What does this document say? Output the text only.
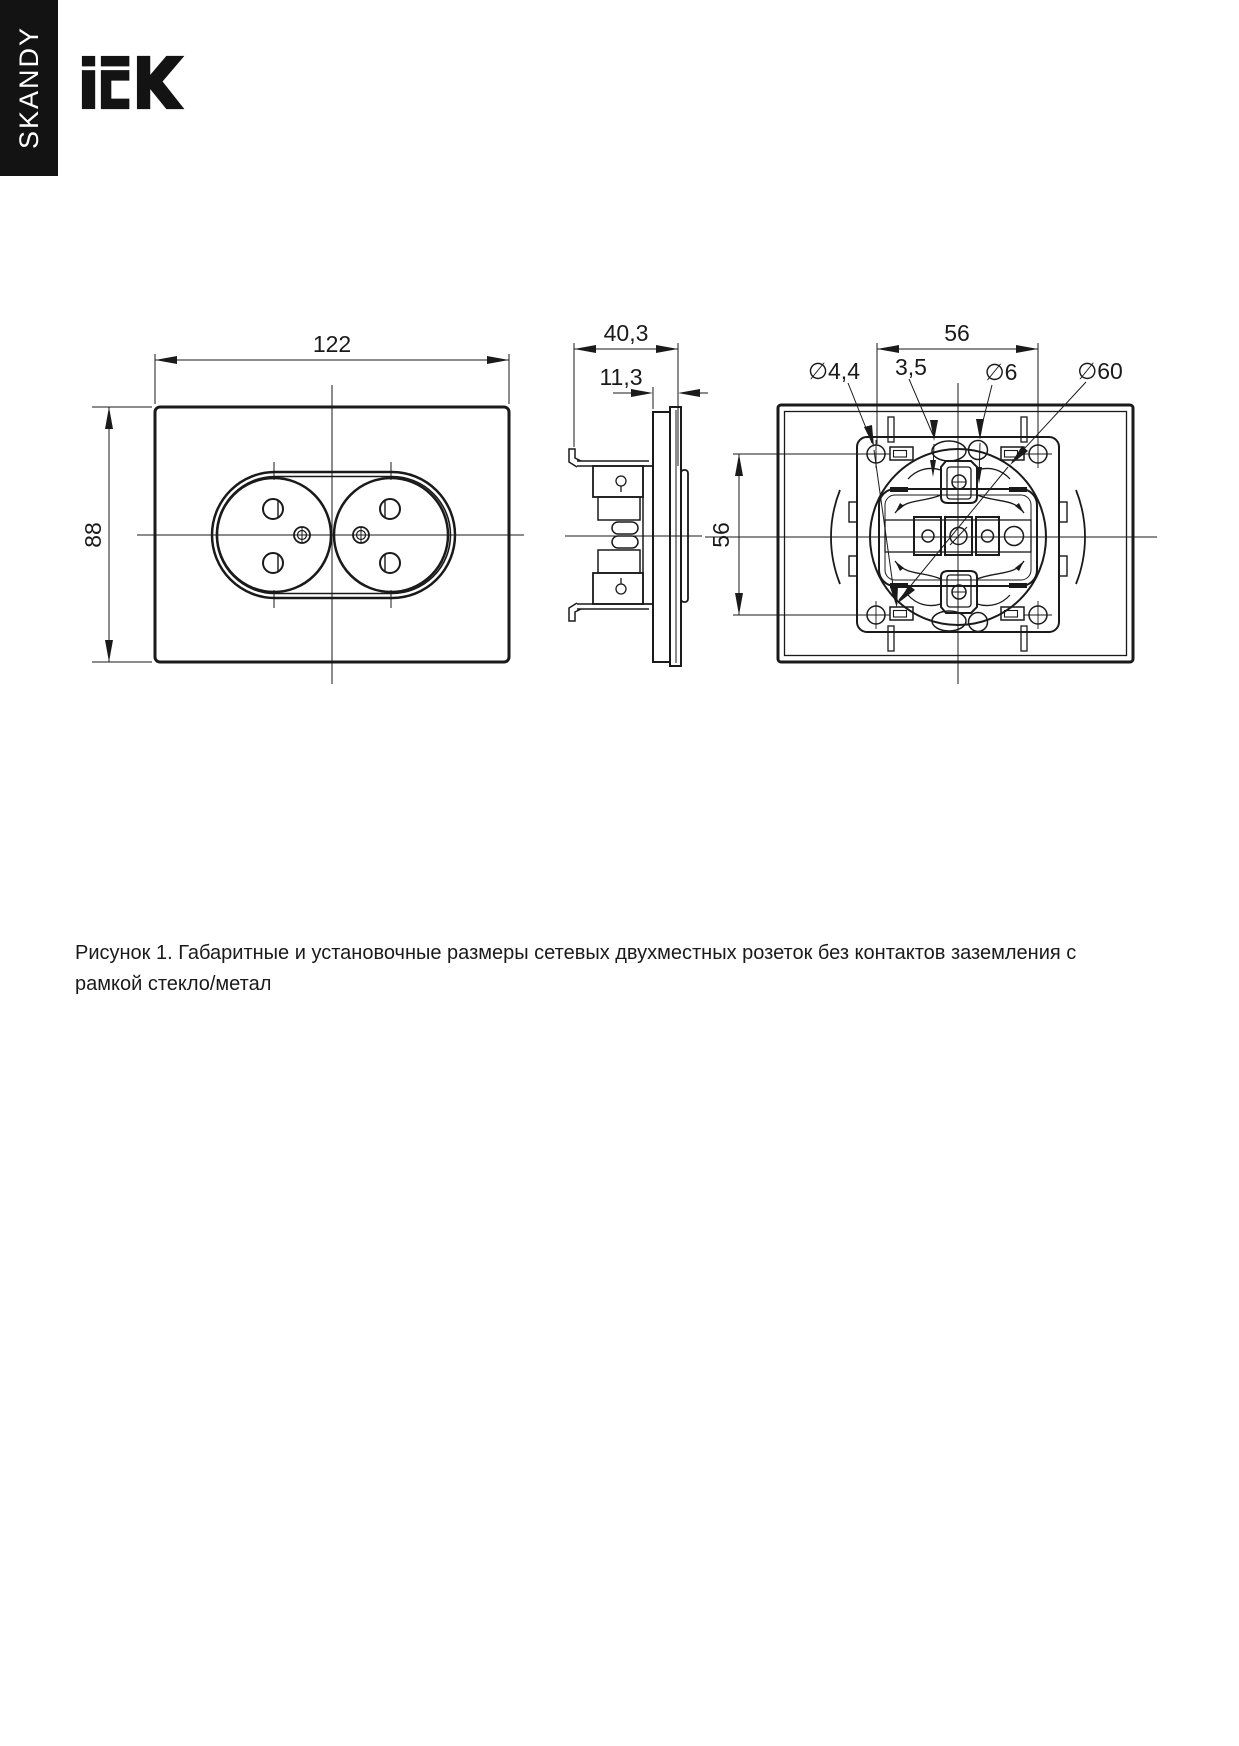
SKANDY
122
88
40,3
11,3
56
56
∅4,4 3,5	∅6	∅60

Рисунок 1. Габаритные и установочные размеры сетевых двухместных розеток без контактов заземления с
рамкой стекло/метал
